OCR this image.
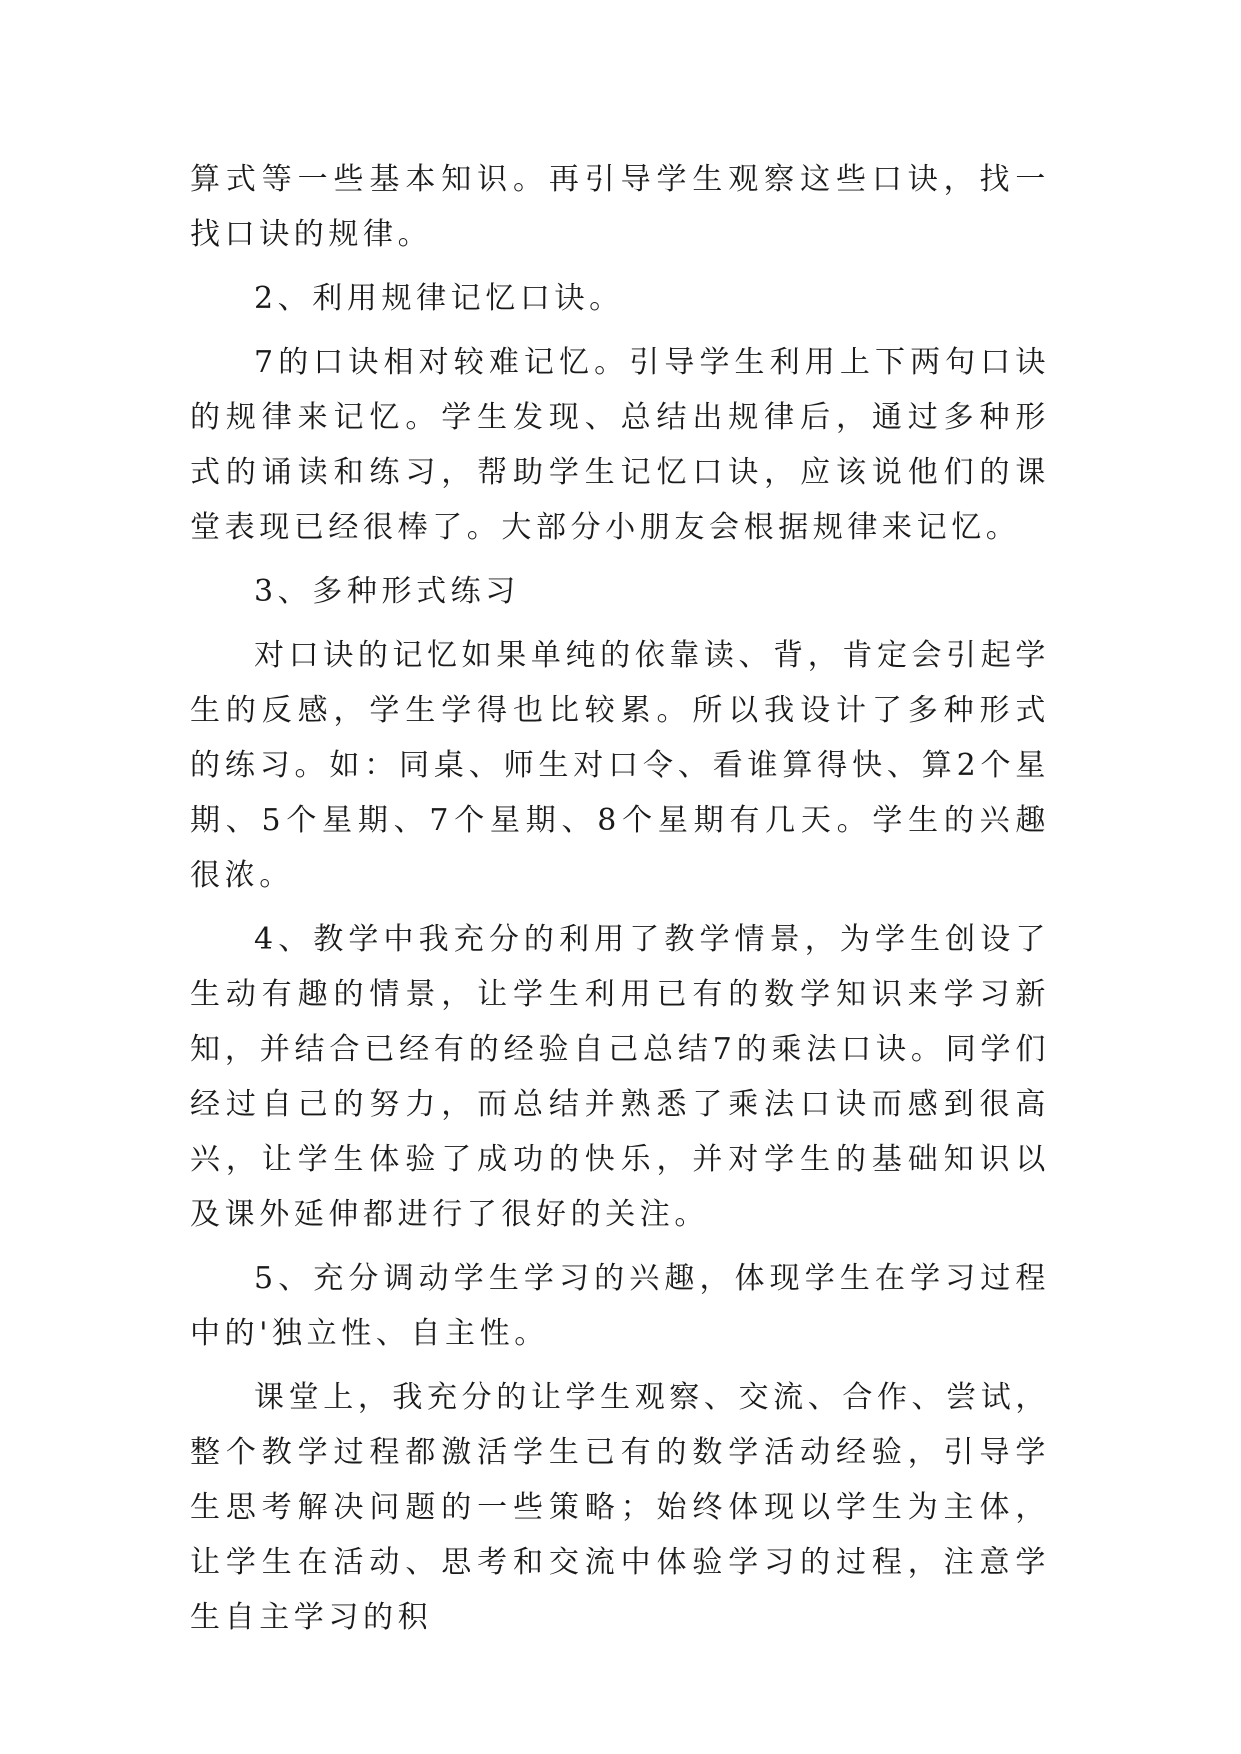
算式等一些基本知识。再引导学生观察这些口诀，找一找口诀的规律。

2、利用规律记忆口诀。

7的口诀相对较难记忆。引导学生利用上下两句口诀的规律来记忆。学生发现、总结出规律后，通过多种形式的诵读和练习，帮助学生记忆口诀，应该说他们的课堂表现已经很棒了。大部分小朋友会根据规律来记忆。

3、多种形式练习

对口诀的记忆如果单纯的依靠读、背，肯定会引起学生的反感，学生学得也比较累。所以我设计了多种形式的练习。如：同桌、师生对口令、看谁算得快、算2个星期、5个星期、7个星期、8个星期有几天。学生的兴趣很浓。

4、教学中我充分的利用了教学情景，为学生创设了生动有趣的情景，让学生利用已有的数学知识来学习新知，并结合已经有的经验自己总结7的乘法口诀。同学们经过自己的努力，而总结并熟悉了乘法口诀而感到很高兴，让学生体验了成功的快乐，并对学生的基础知识以及课外延伸都进行了很好的关注。

5、充分调动学生学习的兴趣，体现学生在学习过程中的'独立性、自主性。

课堂上，我充分的让学生观察、交流、合作、尝试，整个教学过程都激活学生已有的数学活动经验，引导学生思考解决问题的一些策略；始终体现以学生为主体，让学生在活动、思考和交流中体验学习的过程，注意学生自主学习的积
